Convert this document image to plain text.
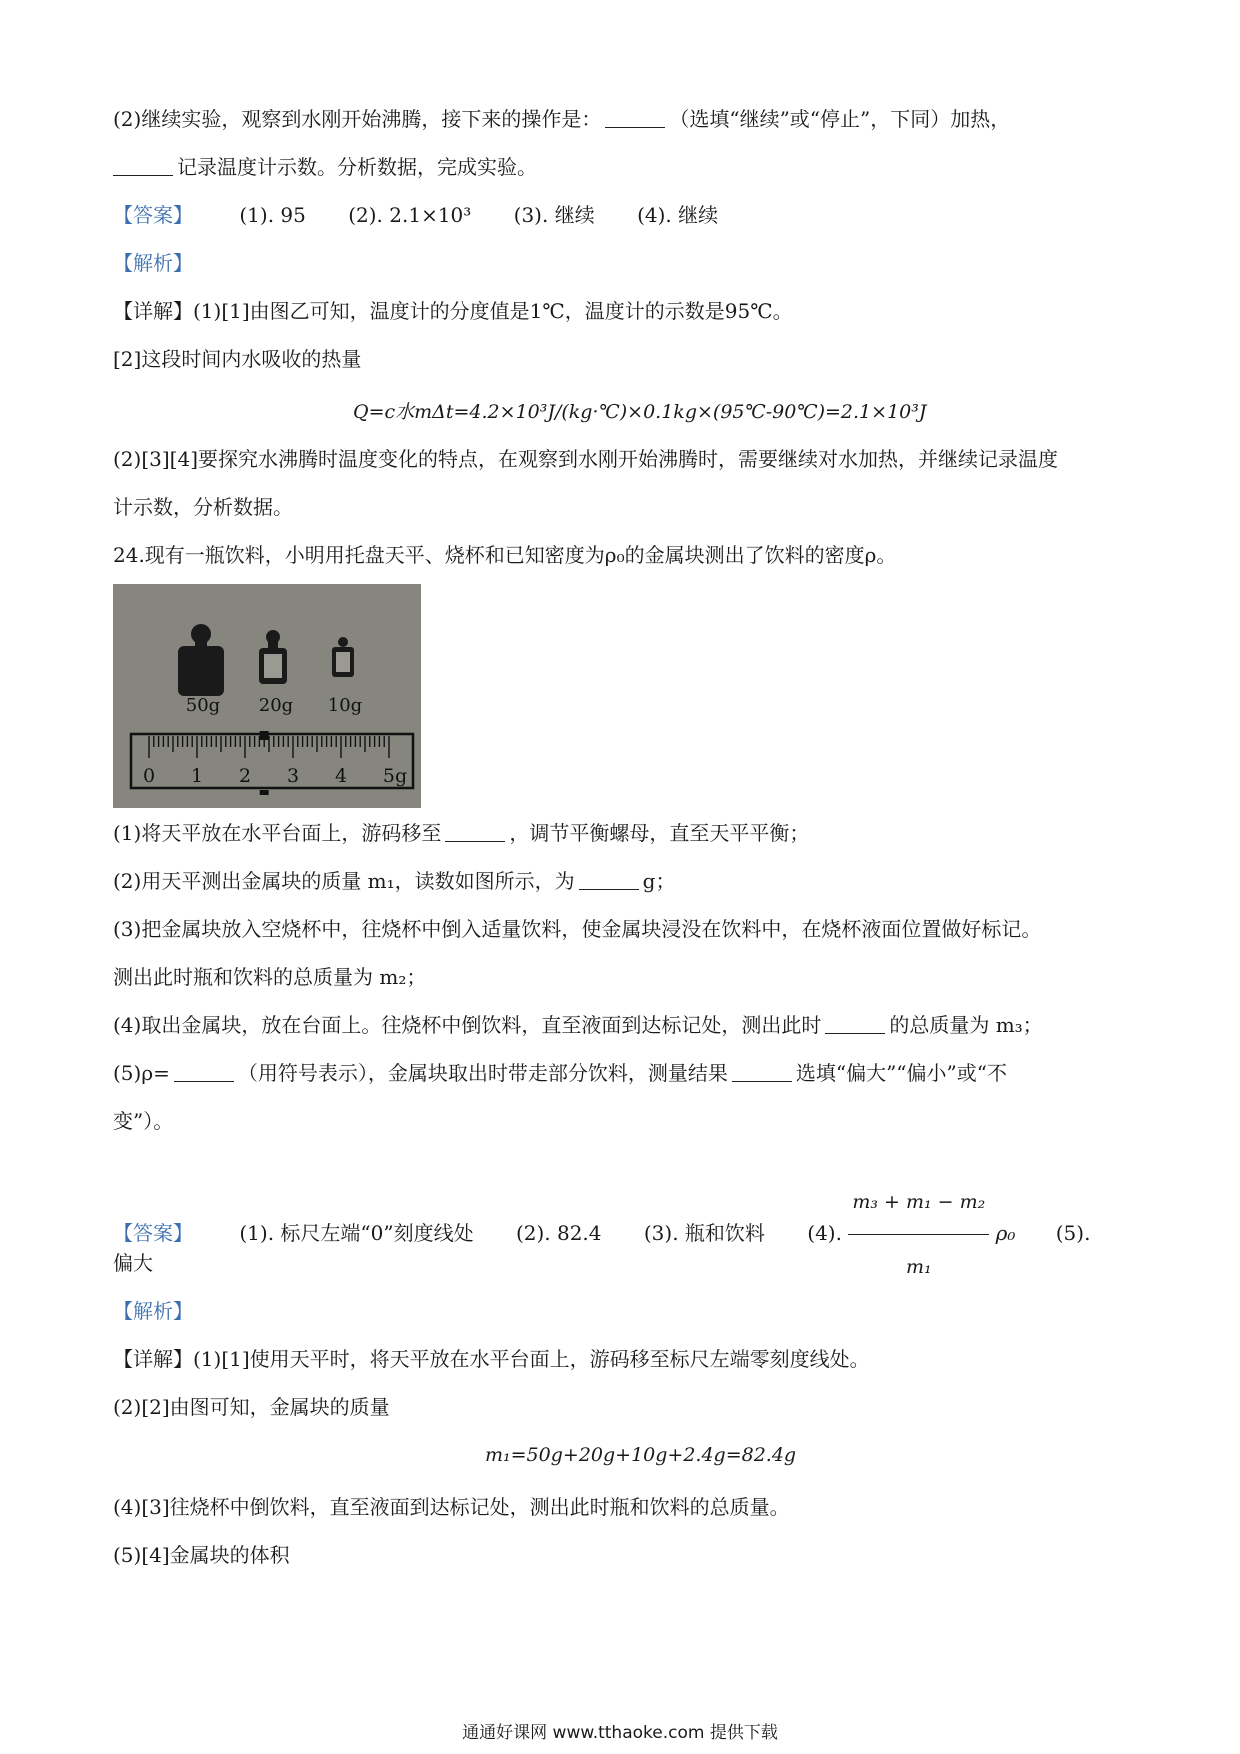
(2)继续实验，观察到水刚开始沸腾，接下来的操作是：	（选填“继续”或“停止”，下同）加热，
记录温度计示数。分析数据，完成实验。
【答案】 (1). 95 (2). 2.1×10³ (3). 继续 (4). 继续
【解析】
【详解】(1)[1]由图乙可知，温度计的分度值是1℃，温度计的示数是95℃。
[2]这段时间内水吸收的热量
Q=c水mΔt=4.2×10³J/(kg·℃)×0.1kg×(95℃-90℃)=2.1×10³J
(2)[3][4]要探究水沸腾时温度变化的特点，在观察到水刚开始沸腾时，需要继续对水加热，并继续记录温度
计示数，分析数据。
24.现有一瓶饮料，小明用托盘天平、烧杯和已知密度为ρ₀的金属块测出了饮料的密度ρ。
50g 20g 10g
0 1 2 3 4 5g
(1)将天平放在水平台面上，游码移至	，调节平衡螺母，直至天平平衡；
(2)用天平测出金属块的质量 m₁，读数如图所示，为	g；
(3)把金属块放入空烧杯中，往烧杯中倒入适量饮料，使金属块浸没在饮料中，在烧杯液面位置做好标记。
测出此时瓶和饮料的总质量为 m₂；
(4)取出金属块，放在台面上。往烧杯中倒饮料，直至液面到达标记处，测出此时	的总质量为 m₃；
(5)ρ=	（用符号表示），金属块取出时带走部分饮料，测量结果	选填“偏大”“偏小”或“不
变”）。
【答案】 (1). 标尺左端“0”刻度线处 (2). 82.4 (3). 瓶和饮料 (4). $\frac{\text{m₃ + m₁ − m₂}}{\text{m₁}} \rho_0$ (5).
偏大
【解析】
【详解】(1)[1]使用天平时，将天平放在水平台面上，游码移至标尺左端零刻度线处。
(2)[2]由图可知，金属块的质量
m₁=50g+20g+10g+2.4g=82.4g
(4)[3]往烧杯中倒饮料，直至液面到达标记处，测出此时瓶和饮料的总质量。
(5)[4]金属块的体积
通通好课网 www.tthaoke.com 提供下载
